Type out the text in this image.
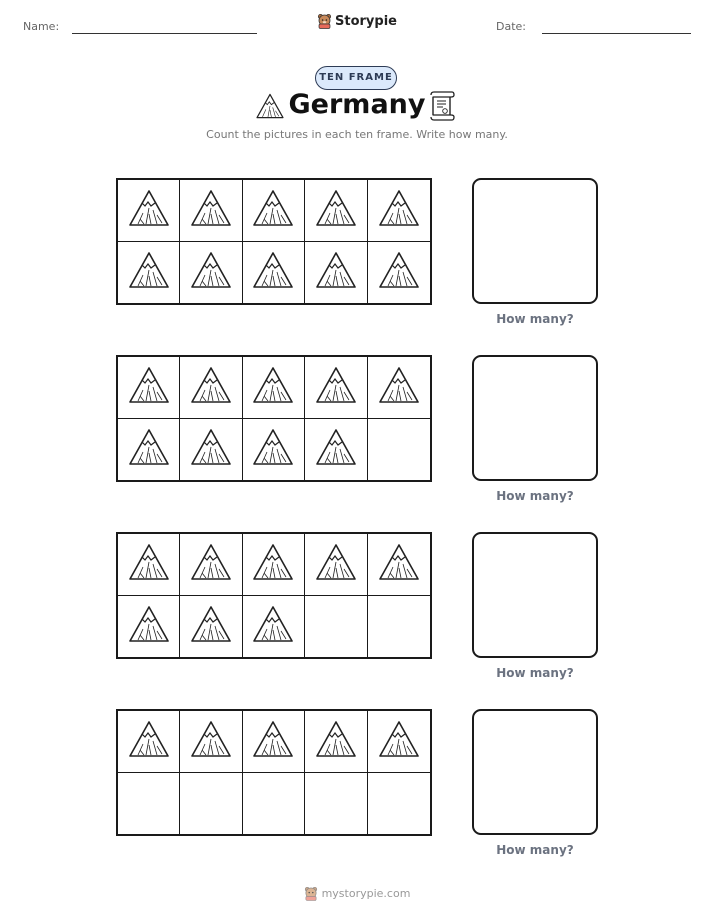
Name:	Storypie	Date:
TEN FRAME
Germany
Count the pictures in each ten frame. Write how many.
How many?
How many?
How many?
How many?
mystorypie.com
